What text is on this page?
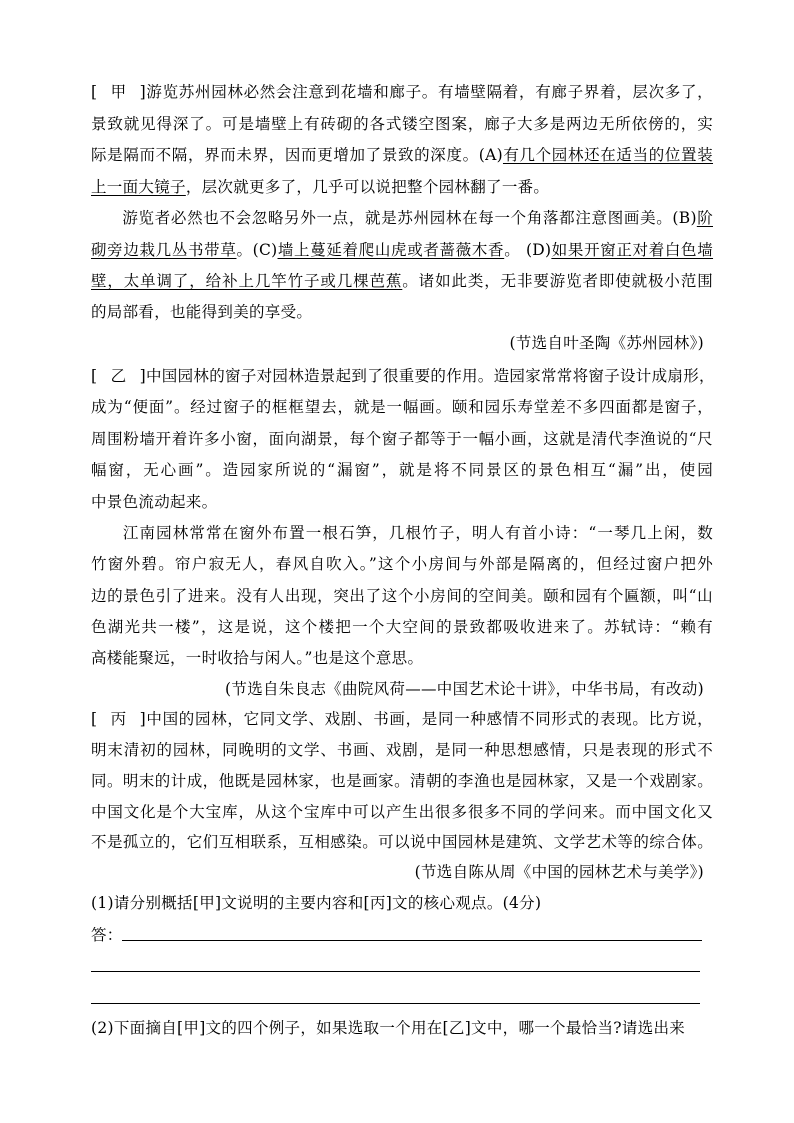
[甲]游览苏州园林必然会注意到花墙和廊子。有墙壁隔着，有廊子界着，层次多了，
景致就见得深了。可是墙壁上有砖砌的各式镂空图案，廊子大多是两边无所依傍的，实
际是隔而不隔，界而未界，因而更增加了景致的深度。(A)有几个园林还在适当的位置装
上一面大镜子，层次就更多了，几乎可以说把整个园林翻了一番。
游览者必然也不会忽略另外一点，就是苏州园林在每一个角落都注意图画美。(B)阶
砌旁边栽几丛书带草。(C)墙上蔓延着爬山虎或者蔷薇木香。 (D)如果开窗正对着白色墙
壁，太单调了，给补上几竿竹子或几棵芭蕉。诸如此类，无非要游览者即使就极小范围
的局部看，也能得到美的享受。
(节选自叶圣陶《苏州园林》)
[乙]中国园林的窗子对园林造景起到了很重要的作用。造园家常常将窗子设计成扇形，
成为“便面”。经过窗子的框框望去，就是一幅画。颐和园乐寿堂差不多四面都是窗子，
周围粉墙开着许多小窗，面向湖景，每个窗子都等于一幅小画，这就是清代李渔说的“尺
幅窗，无心画”。造园家所说的“漏窗”，就是将不同景区的景色相互“漏”出，使园
中景色流动起来。
江南园林常常在窗外布置一根石笋，几根竹子，明人有首小诗：“一琴几上闲，数
竹窗外碧。帘户寂无人，春风自吹入。”这个小房间与外部是隔离的，但经过窗户把外
边的景色引了进来。没有人出现，突出了这个小房间的空间美。颐和园有个匾额，叫“山
色湖光共一楼”，这是说，这个楼把一个大空间的景致都吸收进来了。苏轼诗：“赖有
高楼能聚远，一时收拾与闲人。”也是这个意思。
(节选自朱良志《曲院风荷——中国艺术论十讲》，中华书局，有改动)
[丙]中国的园林，它同文学、戏剧、书画，是同一种感情不同形式的表现。比方说，
明末清初的园林，同晚明的文学、书画、戏剧，是同一种思想感情，只是表现的形式不
同。明末的计成，他既是园林家，也是画家。清朝的李渔也是园林家，又是一个戏剧家。
中国文化是个大宝库，从这个宝库中可以产生出很多很多不同的学问来。而中国文化又
不是孤立的，它们互相联系，互相感染。可以说中国园林是建筑、文学艺术等的综合体。
(节选自陈从周《中国的园林艺术与美学》)
(1)请分别概括[甲]文说明的主要内容和[丙]文的核心观点。(4分)
答：
(2)下面摘自[甲]文的四个例子，如果选取一个用在[乙]文中，哪一个最恰当?请选出来
